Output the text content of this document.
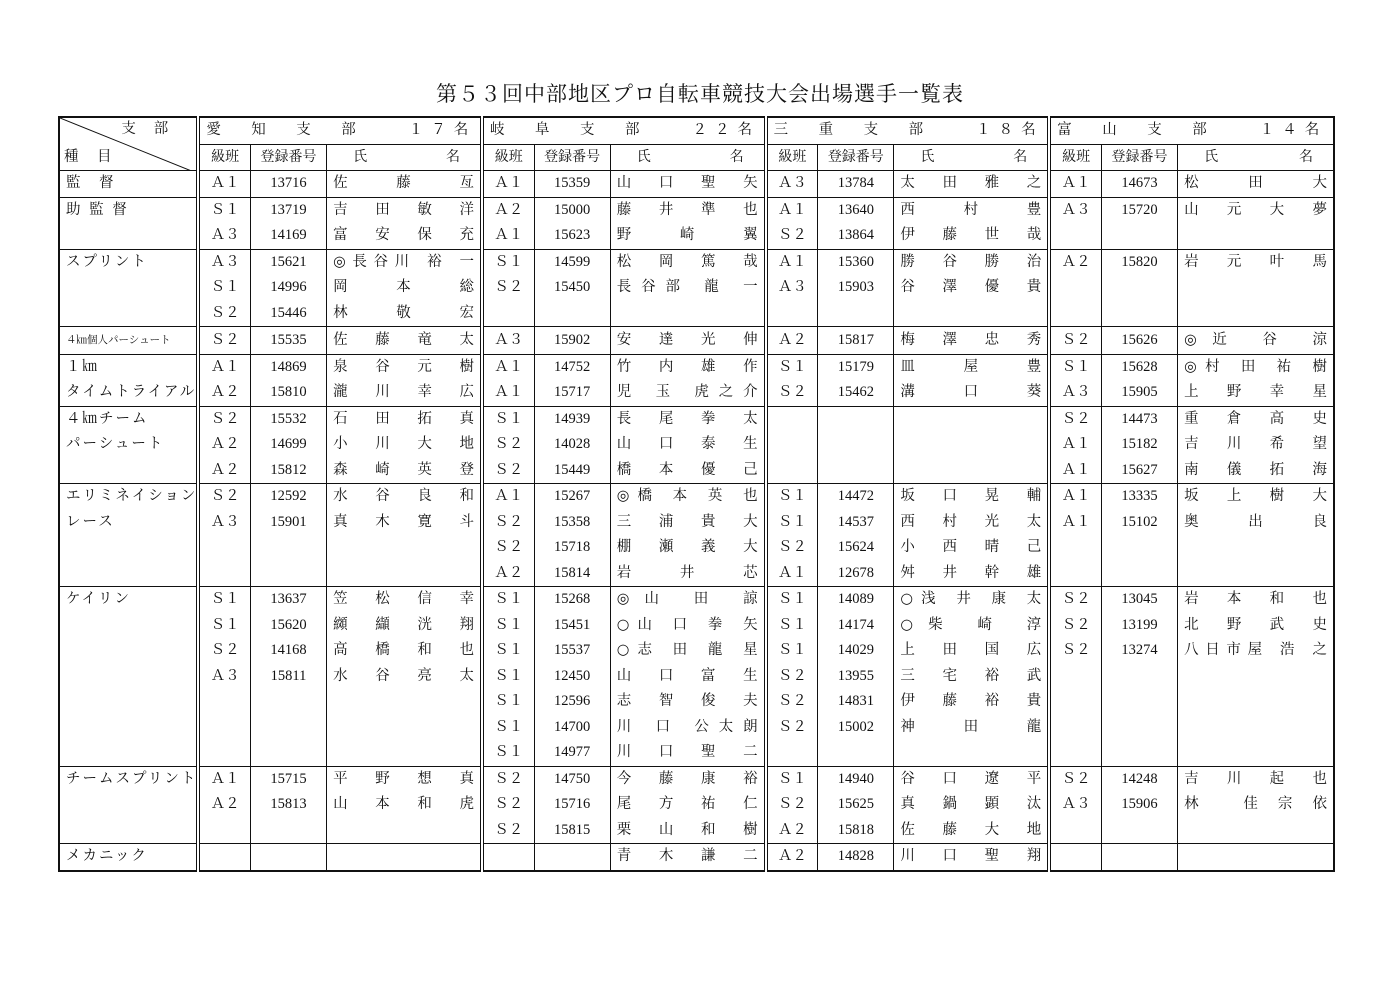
第５３回中部地区プロ自転車競技大会出場選手一覧表
支部
種　目	愛　知　支　部　　１７名			岐　阜　支　部　　２２名			三　重　支　部　　１８名			富　山　支　部　　１４名		
	級班	登録番号	氏 名	級班	登録番号	氏 名	級班	登録番号	氏 名	級班	登録番号	氏 名
監　督	Ａ１	13716	佐 藤 亙	Ａ１	15359	山 口 聖 矢	Ａ３	13784	太 田 雅 之	Ａ１	14673	松 田 大
助 監 督	Ｓ１	13719	吉 田 敏 洋	Ａ２	15000	藤 井 準 也	Ａ１	13640	西 村 豊	Ａ３	15720	山 元 大 夢
	Ａ３	14169	富 安 保 充	Ａ１	15623	野 崎 翼	Ｓ２	13864	伊 藤 世 哉			
スプリント	Ａ３	15621	◎長谷川 裕 一	Ｓ１	14599	松 岡 篤 哉	Ａ１	15360	勝 谷 勝 治	Ａ２	15820	岩 元 叶 馬
	Ｓ１	14996	岡 本 総	Ｓ２	15450	長谷部 龍 一	Ａ３	15903	谷 澤 優 貴			
	Ｓ２	15446	林 敬 宏									
４㎞個人パーシュート	Ｓ２	15535	佐 藤 竜 太	Ａ３	15902	安 達 光 伸	Ａ２	15817	梅 澤 忠 秀	Ｓ２	15626	◎近 谷 涼
１㎞	Ａ１	14869	泉 谷 元 樹	Ａ１	14752	竹 内 雄 作	Ｓ１	15179	皿 屋 豊	Ｓ１	15628	◎村 田 祐 樹
タイムトライアル	Ａ２	15810	瀧 川 幸 広	Ａ１	15717	児 玉 虎之介	Ｓ２	15462	溝 口 葵	Ａ３	15905	上 野 幸 星
４㎞チーム	Ｓ２	15532	石 田 拓 真	Ｓ１	14939	長 尾 拳 太				Ｓ２	14473	重 倉 高 史
パーシュート	Ａ２	14699	小 川 大 地	Ｓ２	14028	山 口 泰 生				Ａ１	15182	吉 川 希 望
	Ａ２	15812	森 崎 英 登	Ｓ２	15449	橋 本 優 己				Ａ１	15627	南 儀 拓 海
エリミネイション	Ｓ２	12592	水 谷 良 和	Ａ１	15267	◎橋 本 英 也	Ｓ１	14472	坂 口 晃 輔	Ａ１	13335	坂 上 樹 大
レース	Ａ３	15901	真 木 寛 斗	Ｓ２	15358	三 浦 貴 大	Ｓ１	14537	西 村 光 太	Ａ１	15102	奥 出 良
				Ｓ２	15718	棚 瀬 義 大	Ｓ２	15624	小 西 晴 己			
				Ａ２	15814	岩 井 芯	Ａ１	12678	舛 井 幹 雄			
ケイリン	Ｓ１	13637	笠 松 信 幸	Ｓ１	15268	◎山 田 諒	Ｓ１	14089	○浅 井 康 太	Ｓ２	13045	岩 本 和 也
	Ｓ１	15620	纐 纈 洸 翔	Ｓ１	15451	○山 口 拳 矢	Ｓ１	14174	○柴 崎 淳	Ｓ２	13199	北 野 武 史
	Ｓ２	14168	高 橋 和 也	Ｓ１	15537	○志 田 龍 星	Ｓ１	14029	上 田 国 広	Ｓ２	13274	八日市屋 浩 之
	Ａ３	15811	水 谷 亮 太	Ｓ１	12450	山 口 富 生	Ｓ２	13955	三 宅 裕 武			
				Ｓ１	12596	志 智 俊 夫	Ｓ２	14831	伊 藤 裕 貴			
				Ｓ１	14700	川 口 公太朗	Ｓ２	15002	神 田 龍			
				Ｓ１	14977	川 口 聖 二						
チームスプリント	Ａ１	15715	平 野 想 真	Ｓ２	14750	今 藤 康 裕	Ｓ１	14940	谷 口 遼 平	Ｓ２	14248	吉 川 起 也
	Ａ２	15813	山 本 和 虎	Ｓ２	15716	尾 方 祐 仁	Ｓ２	15625	真 鍋 顕 汰	Ａ３	15906	林 佳宗依
				Ｓ２	15815	栗 山 和 樹	Ａ２	15818	佐 藤 大 地			
メカニック						青 木 謙 二	Ａ２	14828	川 口 聖 翔			
